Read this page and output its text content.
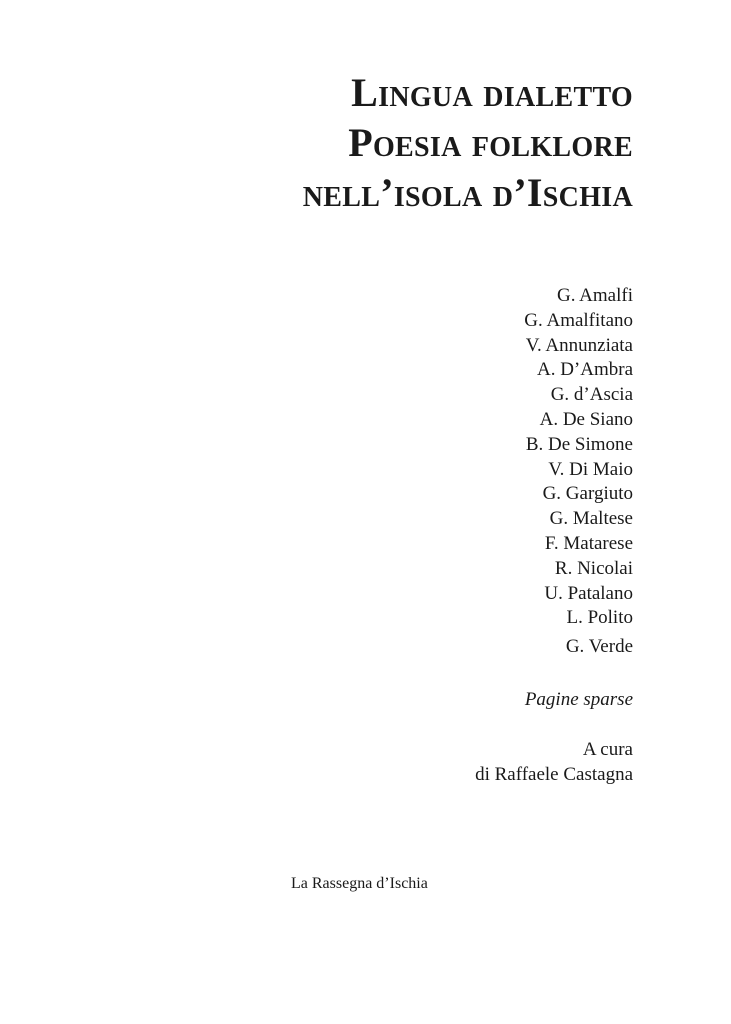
Lingua dialetto
Poesia folklore
nell’isola d’Ischia
G. Amalfi
G. Amalfitano
V. Annunziata
A. D’Ambra
G. d’Ascia
A. De Siano
B. De Simone
V. Di Maio
G. Gargiuto
G. Maltese
F. Matarese
R. Nicolai
U. Patalano
L. Polito
G. Verde

Pagine sparse

A cura
di Raffaele Castagna

La Rassegna d’Ischia
